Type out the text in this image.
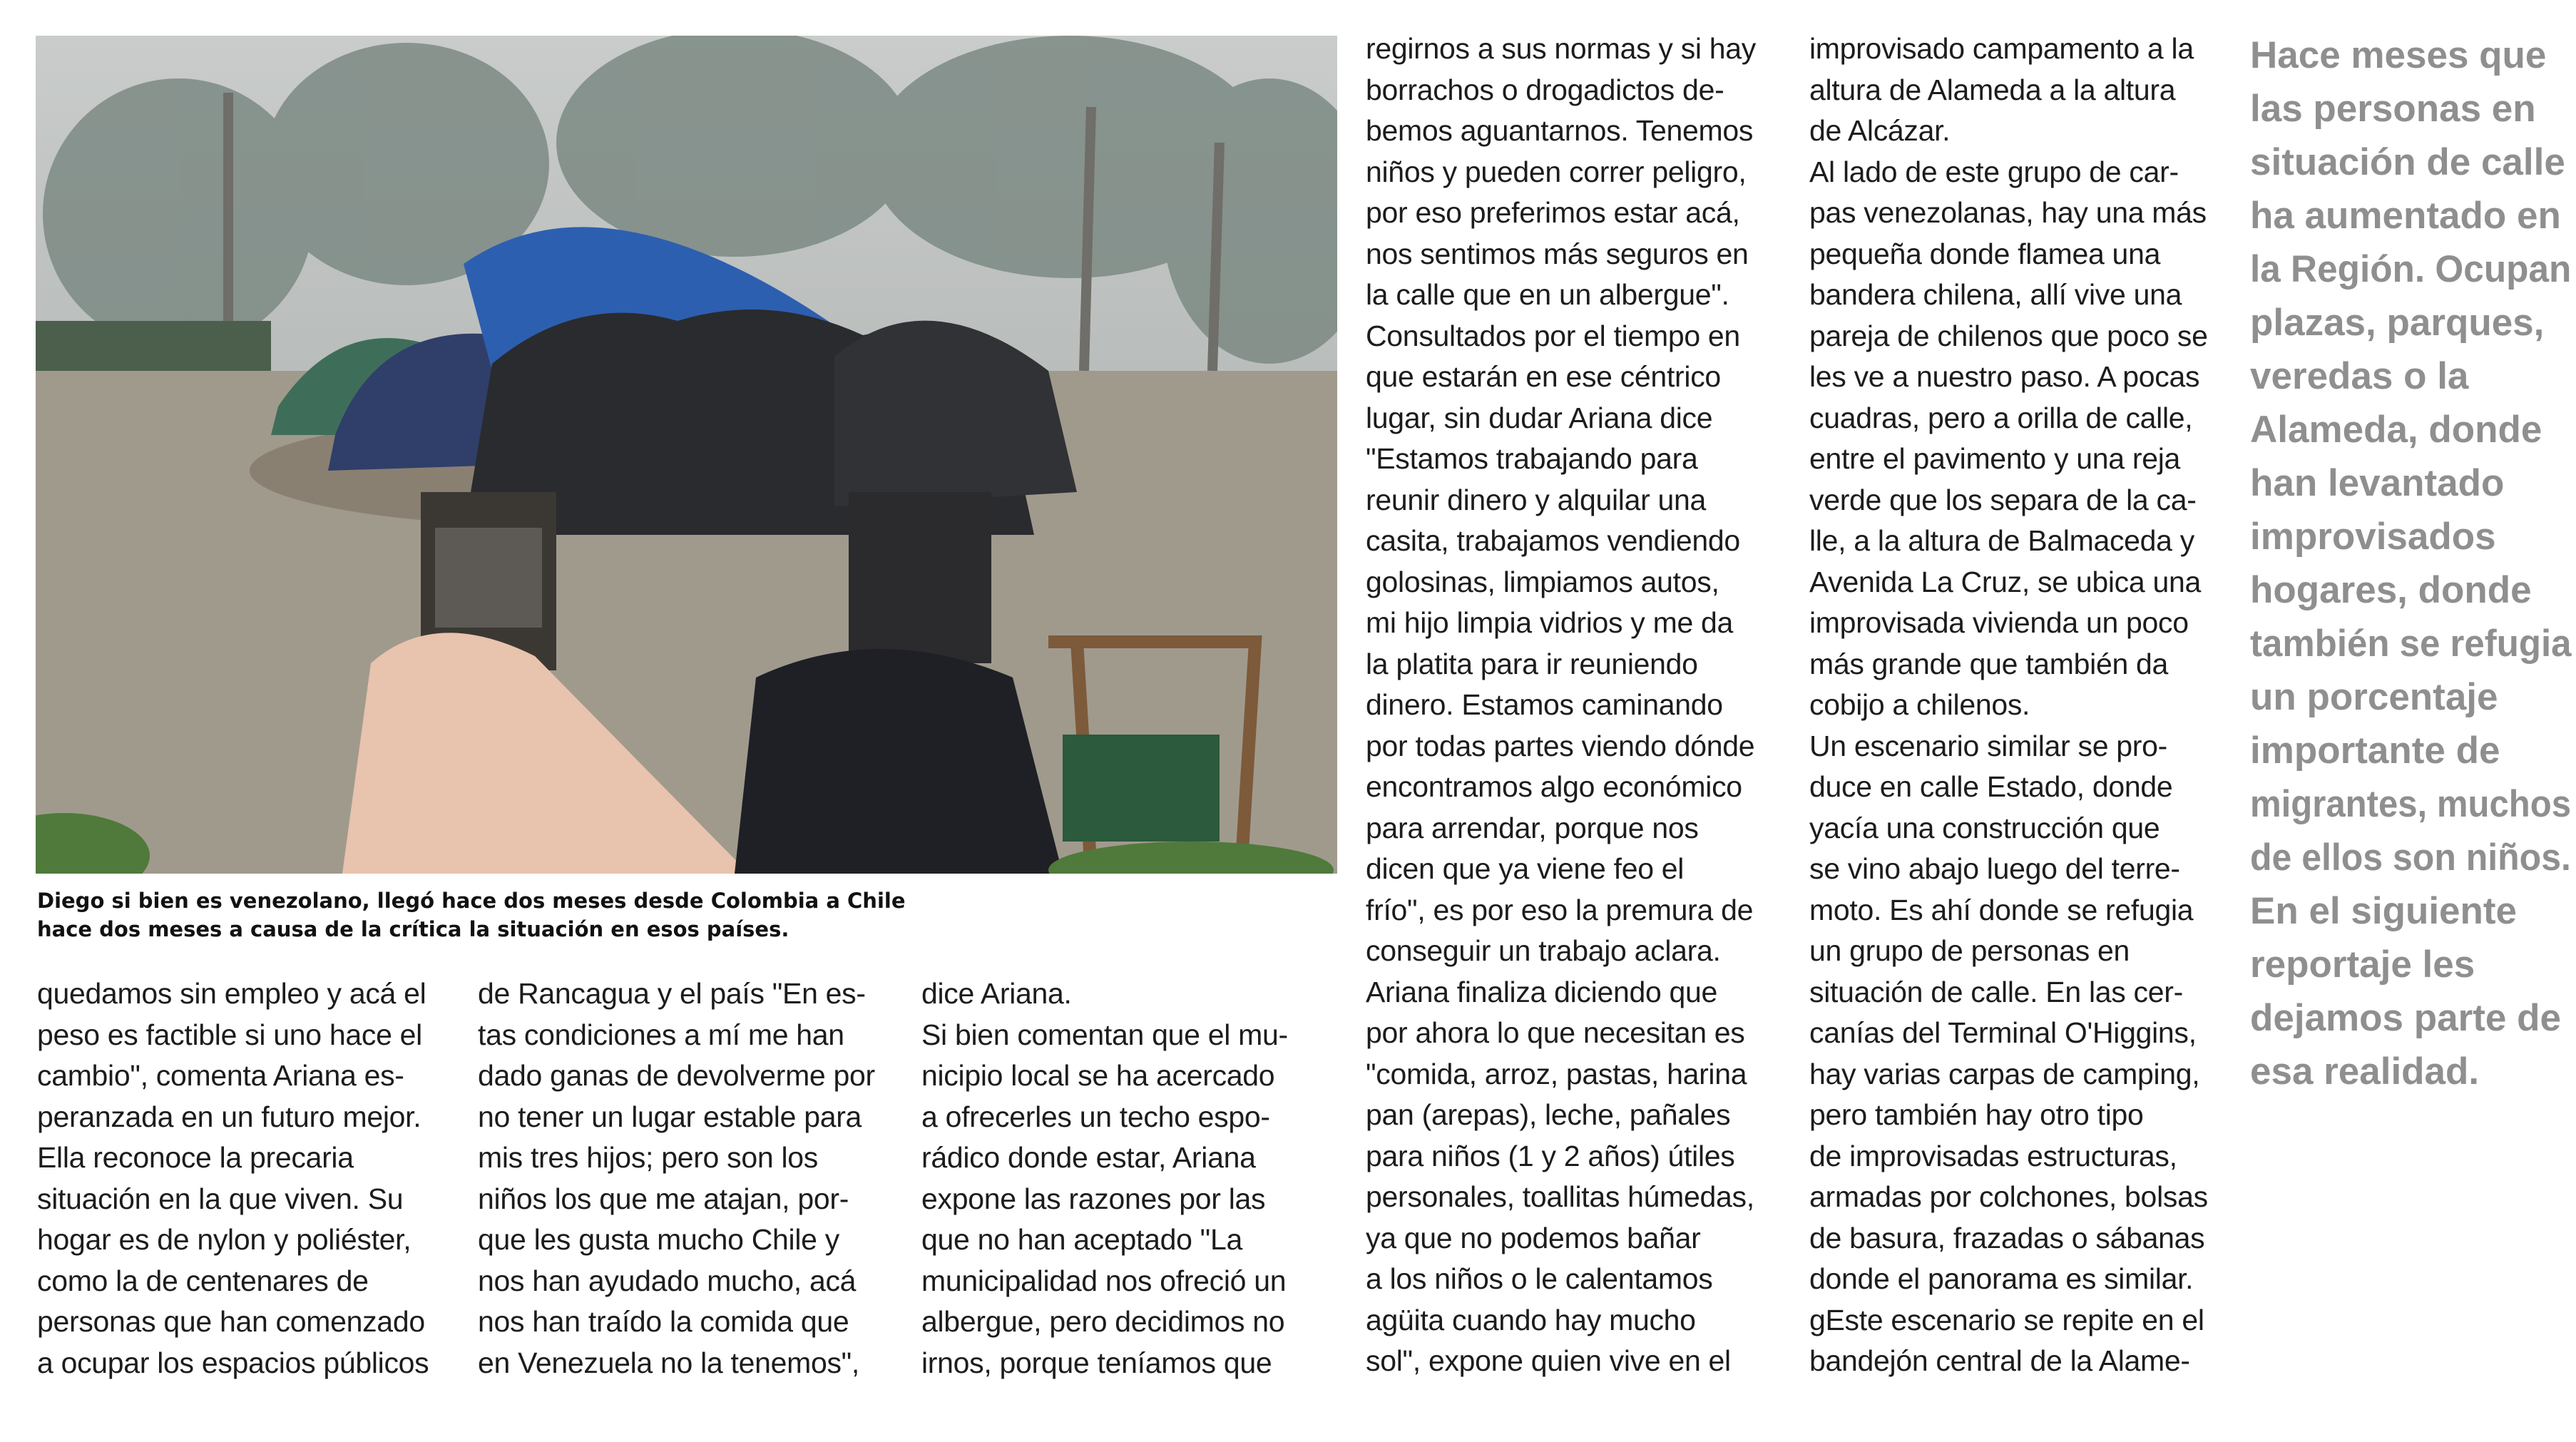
Diego si bien es venezolano, llegó hace dos meses desde Colombia a Chile
hace dos meses a causa de la crítica la situación en esos países.
quedamos sin empleo y acá el
peso es factible si uno hace el
cambio", comenta Ariana es-
peranzada en un futuro mejor.
Ella reconoce la precaria
situación en la que viven. Su
hogar es de nylon y poliéster,
como la de centenares de
personas que han comenzado
a ocupar los espacios públicos
de Rancagua y el país "En es-
tas condiciones a mí me han
dado ganas de devolverme por
no tener un lugar estable para
mis tres hijos; pero son los
niños los que me atajan, por-
que les gusta mucho Chile y
nos han ayudado mucho, acá
nos han traído la comida que
en Venezuela no la tenemos",
dice Ariana.
Si bien comentan que el mu-
nicipio local se ha acercado
a ofrecerles un techo espo-
rádico donde estar, Ariana
expone las razones por las
que no han aceptado "La
municipalidad nos ofreció un
albergue, pero decidimos no
irnos, porque teníamos que
regirnos a sus normas y si hay
borrachos o drogadictos de-
bemos aguantarnos. Tenemos
niños y pueden correr peligro,
por eso preferimos estar acá,
nos sentimos más seguros en
la calle que en un albergue".
Consultados por el tiempo en
que estarán en ese céntrico
lugar, sin dudar Ariana dice
"Estamos trabajando para
reunir dinero y alquilar una
casita, trabajamos vendiendo
golosinas, limpiamos autos,
mi hijo limpia vidrios y me da
la platita para ir reuniendo
dinero. Estamos caminando
por todas partes viendo dónde
encontramos algo económico
para arrendar, porque nos
dicen que ya viene feo el
frío", es por eso la premura de
conseguir un trabajo aclara.
Ariana finaliza diciendo que
por ahora lo que necesitan es
"comida, arroz, pastas, harina
pan (arepas), leche, pañales
para niños (1 y 2 años) útiles
personales, toallitas húmedas,
ya que no podemos bañar
a los niños o le calentamos
agüita cuando hay mucho
sol", expone quien vive en el
improvisado campamento a la
altura de Alameda a la altura
de Alcázar.
Al lado de este grupo de car-
pas venezolanas, hay una más
pequeña donde flamea una
bandera chilena, allí vive una
pareja de chilenos que poco se
les ve a nuestro paso. A pocas
cuadras, pero a orilla de calle,
entre el pavimento y una reja
verde que los separa de la ca-
lle, a la altura de Balmaceda y
Avenida La Cruz, se ubica una
improvisada vivienda un poco
más grande que también da
cobijo a chilenos.
Un escenario similar se pro-
duce en calle Estado, donde
yacía una construcción que
se vino abajo luego del terre-
moto. Es ahí donde se refugia
un grupo de personas en
situación de calle. En las cer-
canías del Terminal O'Higgins,
hay varias carpas de camping,
pero también hay otro tipo
de improvisadas estructuras,
armadas por colchones, bolsas
de basura, frazadas o sábanas
donde el panorama es similar.
gEste escenario se repite en el
bandejón central de la Alame-
Hace meses que
las personas en
situación de calle
ha aumentado en
la Región. Ocupan
plazas, parques,
veredas o la
Alameda, donde
han levantado
improvisados
hogares, donde
también se refugia
un porcentaje
importante de
migrantes, muchos
de ellos son niños.
En el siguiente
reportaje les
dejamos parte de
esa realidad.
